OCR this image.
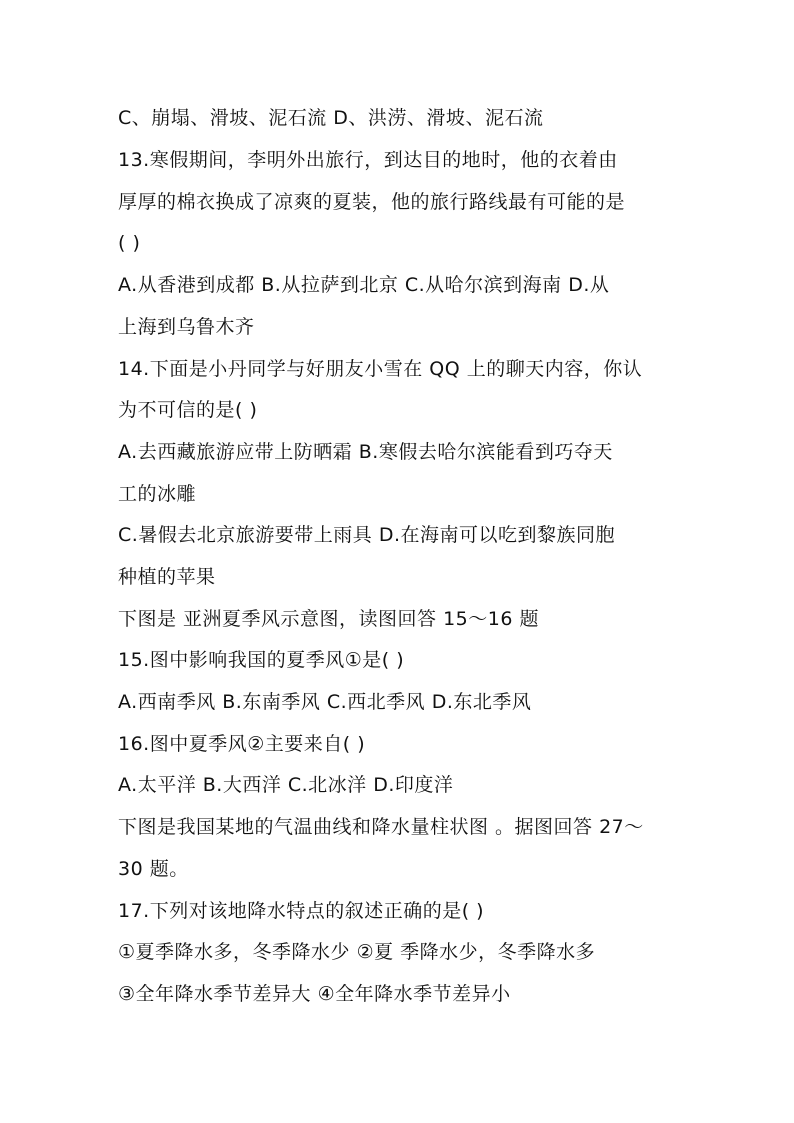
C、崩塌、滑坡、泥石流 D、洪涝、滑坡、泥石流
13.寒假期间，李明外出旅行，到达目的地时，他的衣着由
厚厚的棉衣换成了凉爽的夏装，他的旅行路线最有可能的是
( )
A.从香港到成都 B.从拉萨到北京 C.从哈尔滨到海南 D.从
上海到乌鲁木齐
14.下面是小丹同学与好朋友小雪在 QQ 上的聊天内容，你认
为不可信的是( )
A.去西藏旅游应带上防晒霜 B.寒假去哈尔滨能看到巧夺天
工的冰雕
C.暑假去北京旅游要带上雨具 D.在海南可以吃到黎族同胞
种植的苹果
下图是 亚洲夏季风示意图，读图回答 15～16 题
15.图中影响我国的夏季风①是( )
A.西南季风 B.东南季风 C.西北季风 D.东北季风
16.图中夏季风②主要来自( )
A.太平洋 B.大西洋 C.北冰洋 D.印度洋
下图是我国某地的气温曲线和降水量柱状图 。据图回答 27～
30 题。
17.下列对该地降水特点的叙述正确的是( )
①夏季降水多，冬季降水少 ②夏 季降水少，冬季降水多
③全年降水季节差异大 ④全年降水季节差异小
